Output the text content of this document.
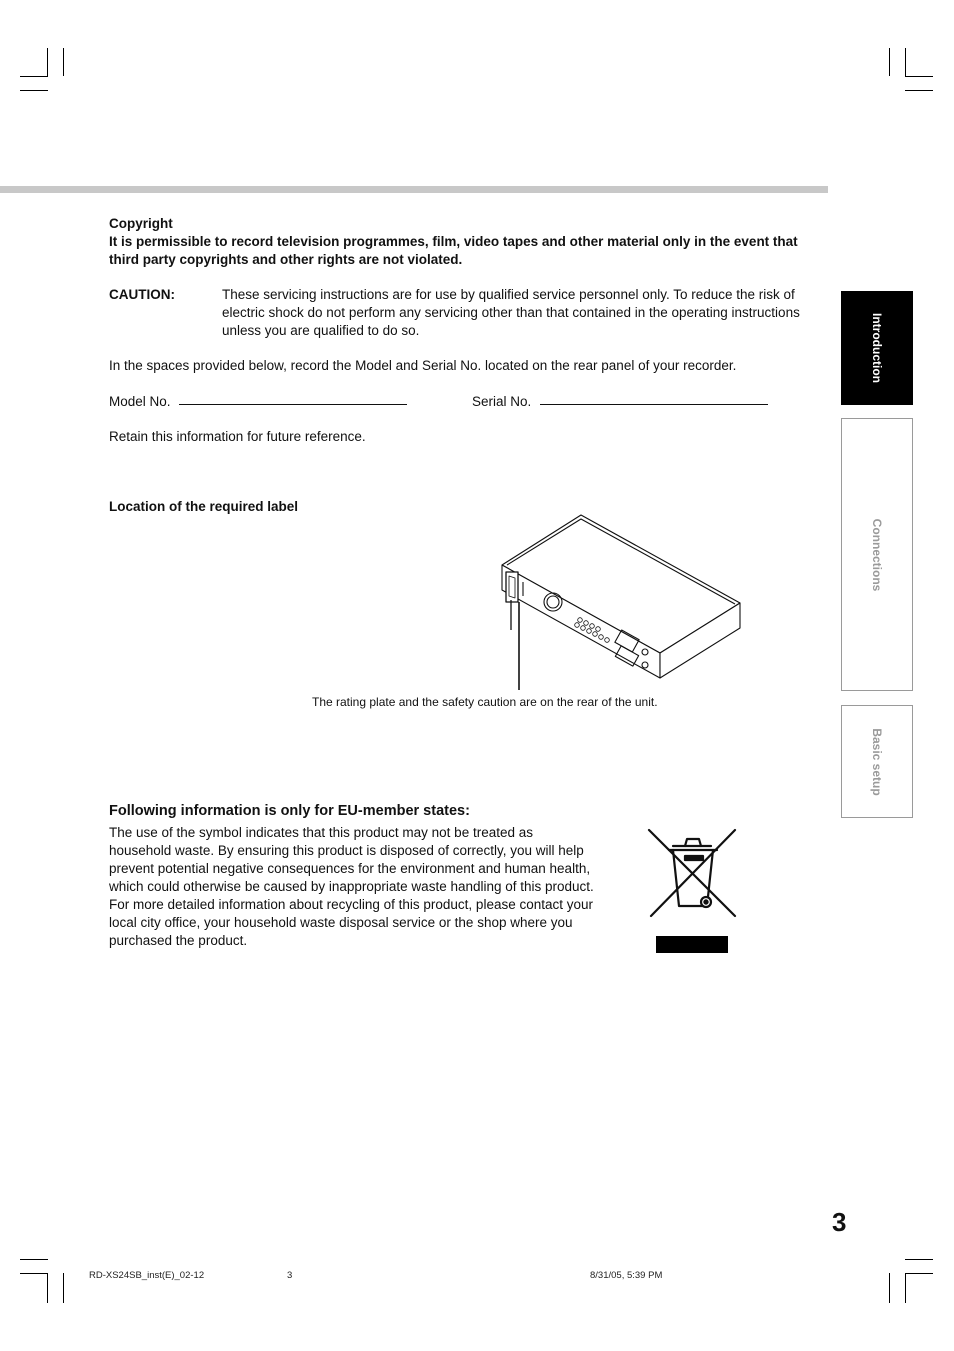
Copyright
It is permissible to record television programmes, film, video tapes and other material only in the event that third party copyrights and other rights are not violated.
CAUTION:	These servicing instructions are for use by qualified service personnel only. To reduce the risk of electric shock do not perform any servicing other than that contained in the operating instructions unless you are qualified to do so.
In the spaces provided below, record the Model and Serial No. located on the rear panel of your recorder.
Model No.	Serial No.
Retain this information for future reference.
Location of the required label
The rating plate and the safety caution are on the rear of the unit.
Following information is only for EU-member states:
The use of the symbol indicates that this product may not be treated as household waste. By ensuring this product is disposed of correctly, you will help prevent potential negative consequences for the environment and human health, which could otherwise be caused by inappropriate waste handling of this product. For more detailed information about recycling of this product, please contact your local city office, your household waste disposal service or the shop where you purchased the product.
Introduction
Connections
Basic setup
3
RD-XS24SB_inst(E)_02-12	3	8/31/05, 5:39 PM
